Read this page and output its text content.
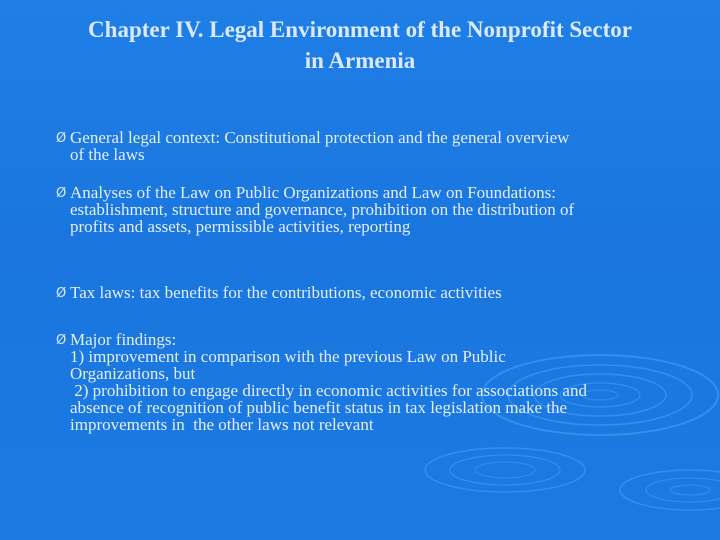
Chapter IV. Legal Environment of the Nonprofit Sector
in Armenia
Ø General legal context: Constitutional protection and the general overview
of the laws
Ø Analyses of the Law on Public Organizations and Law on Foundations:
establishment, structure and governance, prohibition on the distribution of
profits and assets, permissible activities, reporting
Ø Tax laws: tax benefits for the contributions, economic activities
Ø Major findings:
1) improvement in comparison with the previous Law on Public
Organizations, but
2) prohibition to engage directly in economic activities for associations and
absence of recognition of public benefit status in tax legislation make the
improvements in  the other laws not relevant
